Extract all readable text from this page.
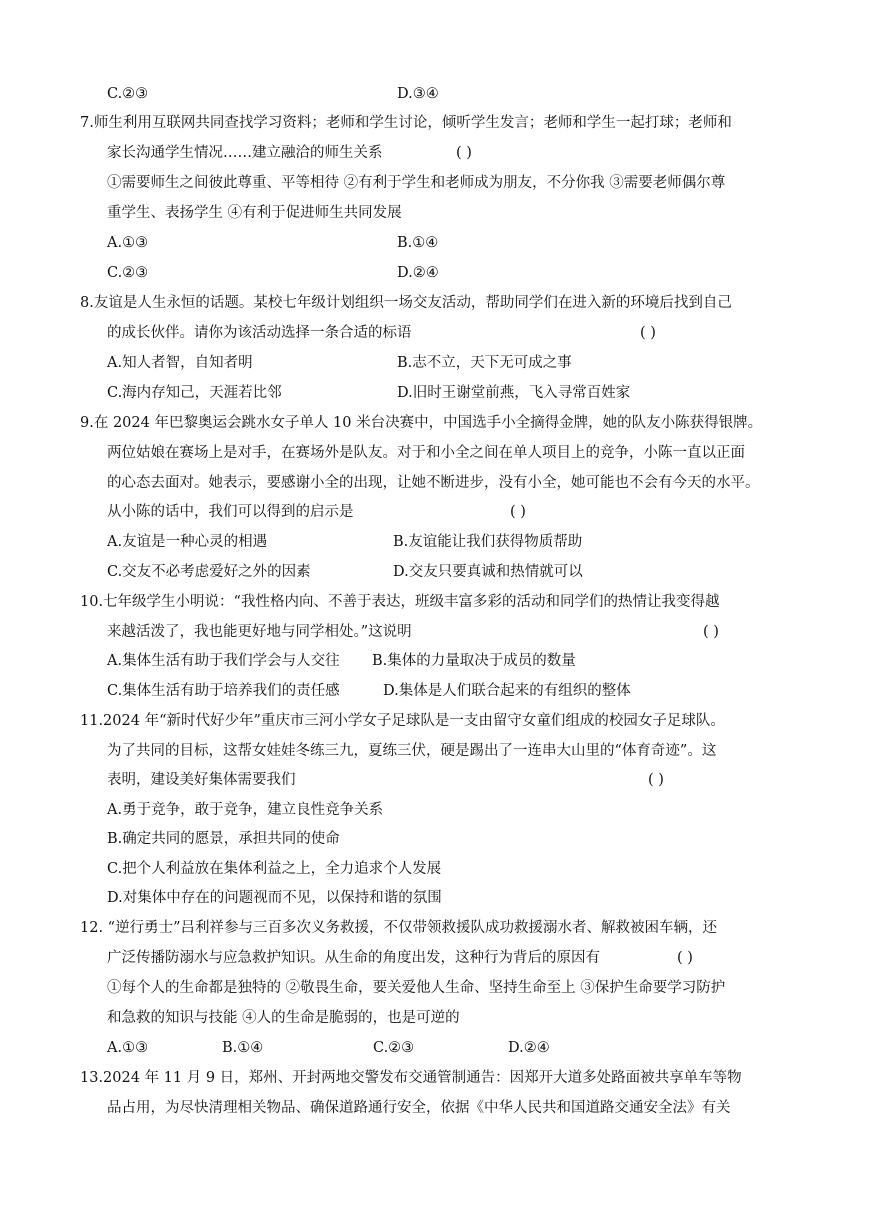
C.②③	D.③④
7.师生利用互联网共同查找学习资料；老师和学生讨论，倾听学生发言；老师和学生一起打球；老师和
家长沟通学生情况……建立融洽的师生关系	( )
①需要师生之间彼此尊重、平等相待 ②有利于学生和老师成为朋友，不分你我 ③需要老师偶尔尊
重学生、表扬学生 ④有利于促进师生共同发展
A.①③	B.①④
C.②③	D.②④
8.友谊是人生永恒的话题。某校七年级计划组织一场交友活动，帮助同学们在进入新的环境后找到自己
的成长伙伴。请你为该活动选择一条合适的标语	( )
A.知人者智，自知者明	B.志不立，天下无可成之事
C.海内存知己，天涯若比邻	D.旧时王谢堂前燕，飞入寻常百姓家
9.在 2024 年巴黎奥运会跳水女子单人 10 米台决赛中，中国选手小全摘得金牌，她的队友小陈获得银牌。
两位姑娘在赛场上是对手，在赛场外是队友。对于和小全之间在单人项目上的竞争，小陈一直以正面
的心态去面对。她表示，要感谢小全的出现，让她不断进步，没有小全，她可能也不会有今天的水平。
从小陈的话中，我们可以得到的启示是	( )
A.友谊是一种心灵的相遇	B.友谊能让我们获得物质帮助
C.交友不必考虑爱好之外的因素	D.交友只要真诚和热情就可以
10.七年级学生小明说：“我性格内向、不善于表达，班级丰富多彩的活动和同学们的热情让我变得越
来越活泼了，我也能更好地与同学相处。”这说明	( )
A.集体生活有助于我们学会与人交往 B.集体的力量取决于成员的数量
C.集体生活有助于培养我们的责任感	D.集体是人们联合起来的有组织的整体
11.2024 年“新时代好少年”重庆市三河小学女子足球队是一支由留守女童们组成的校园女子足球队。
为了共同的目标，这帮女娃娃冬练三九，夏练三伏，硬是踢出了一连串大山里的“体育奇迹”。这
表明，建设美好集体需要我们	( )
A.勇于竞争，敢于竞争，建立良性竞争关系
B.确定共同的愿景，承担共同的使命
C.把个人利益放在集体利益之上，全力追求个人发展
D.对集体中存在的问题视而不见，以保持和谐的氛围
12. “逆行勇士”吕利祥参与三百多次义务救援，不仅带领救援队成功救援溺水者、解救被困车辆，还
广泛传播防溺水与应急救护知识。从生命的角度出发，这种行为背后的原因有	( )
①每个人的生命都是独特的 ②敬畏生命，要关爱他人生命、坚持生命至上 ③保护生命要学习防护
和急救的知识与技能 ④人的生命是脆弱的，也是可逆的
A.①③	B.①④	C.②③	D.②④
13.2024 年 11 月 9 日，郑州、开封两地交警发布交通管制通告：因郑开大道多处路面被共享单车等物
品占用，为尽快清理相关物品、确保道路通行安全，依据《中华人民共和国道路交通安全法》有关
